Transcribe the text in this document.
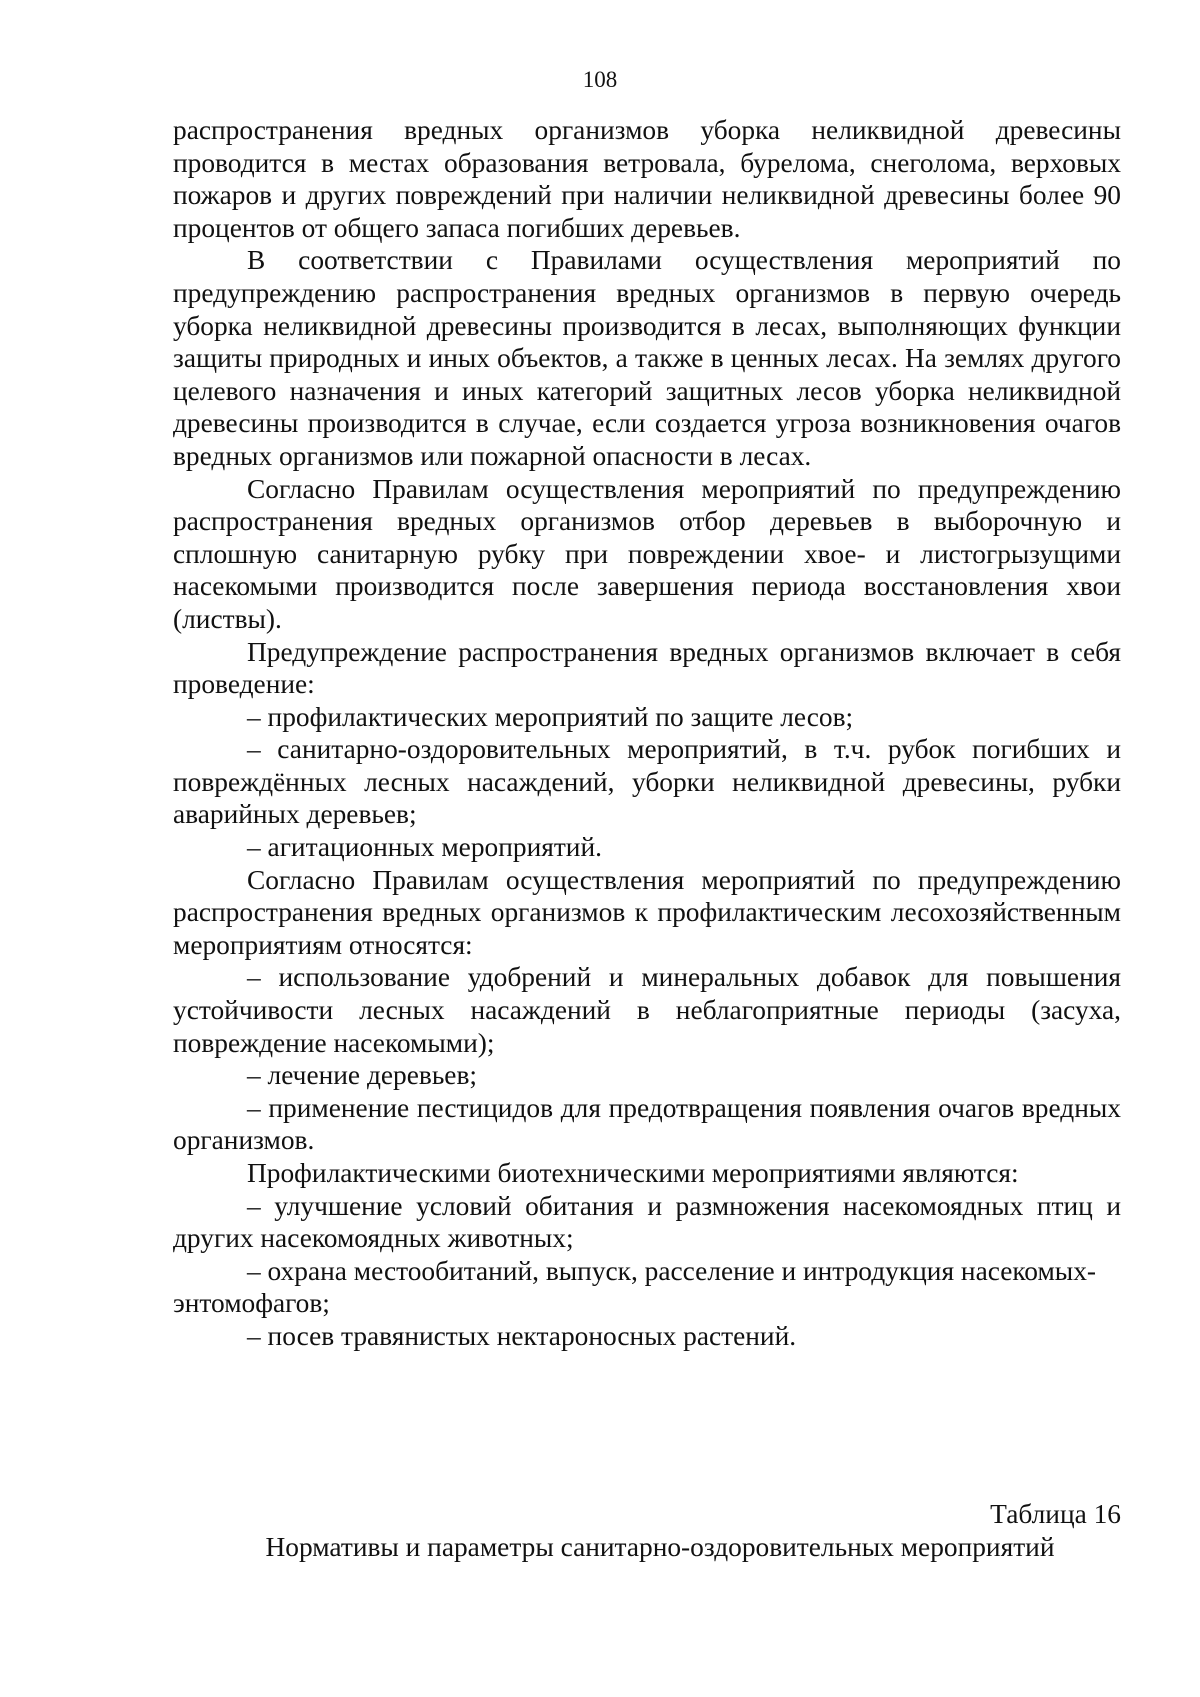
108

распространения вредных организмов уборка неликвидной древесины проводится в местах образования ветровала, бурелома, снеголома, верховых пожаров и других повреждений при наличии неликвидной древесины более 90 процентов от общего запаса погибших деревьев.

В соответствии с Правилами осуществления мероприятий по предупреждению распространения вредных организмов в первую очередь уборка неликвидной древесины производится в лесах, выполняющих функции защиты природных и иных объектов, а также в ценных лесах. На землях другого целевого назначения и иных категорий защитных лесов уборка неликвидной древесины производится в случае, если создается угроза возникновения очагов вредных организмов или пожарной опасности в лесах.

Согласно Правилам осуществления мероприятий по предупреждению распространения вредных организмов отбор деревьев в выборочную и сплошную санитарную рубку при повреждении хвое- и листогрызущими насекомыми производится после завершения периода восстановления хвои (листвы).

Предупреждение распространения вредных организмов включает в себя проведение:

– профилактических мероприятий по защите лесов;

– санитарно-оздоровительных мероприятий, в т.ч. рубок погибших и повреждённых лесных насаждений, уборки неликвидной древесины, рубки аварийных деревьев;

– агитационных мероприятий.

Согласно Правилам осуществления мероприятий по предупреждению распространения вредных организмов к профилактическим лесохозяйственным мероприятиям относятся:

– использование удобрений и минеральных добавок для повышения устойчивости лесных насаждений в неблагоприятные периоды (засуха, повреждение насекомыми);

– лечение деревьев;

– применение пестицидов для предотвращения появления очагов вредных организмов.

Профилактическими биотехническими мероприятиями являются:

– улучшение условий обитания и размножения насекомоядных птиц и других насекомоядных животных;

– охрана местообитаний, выпуск, расселение и интродукция насекомых-энтомофагов;

– посев травянистых нектароносных растений.

Таблица 16
Нормативы и параметры санитарно-оздоровительных мероприятий
